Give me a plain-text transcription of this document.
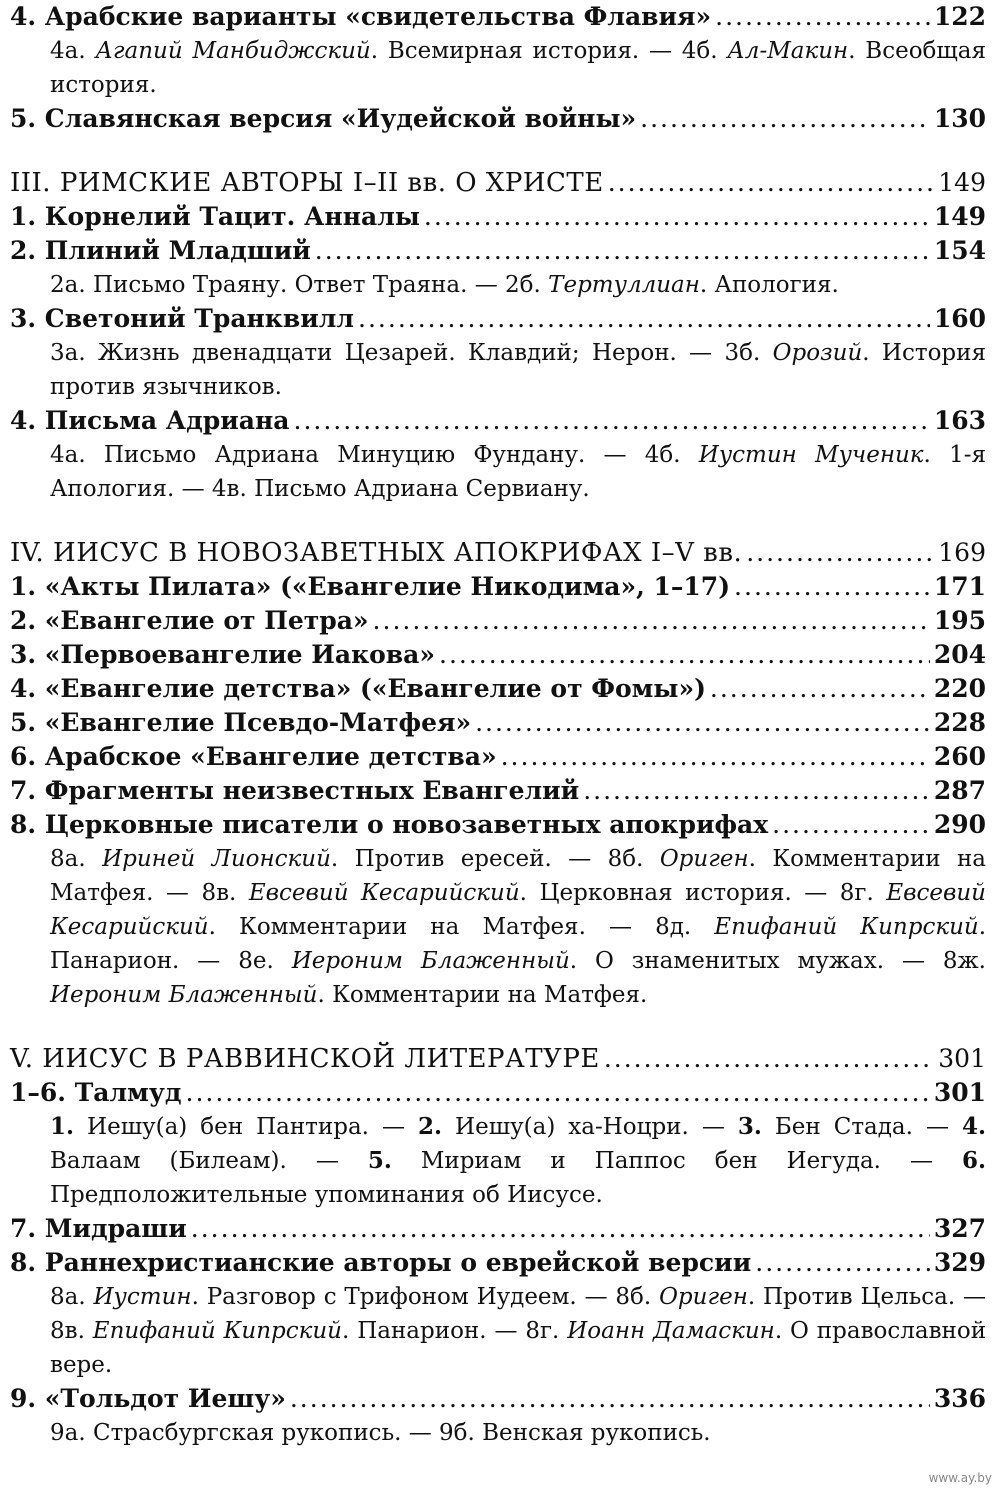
4. Арабские варианты «свидетельства Флавия» .....	122
4а. Агапий Манбиджский. Всемирная история. — 4б. Ал-Макин. Всеобщая история.
5. Славянская версия «Иудейской войны» .....	130
III. РИМСКИЕ АВТОРЫ I–II вв. О ХРИСТЕ .....	149
1. Корнелий Тацит. Анналы .....	149
2. Плиний Младший .....	154
2а. Письмо Траяну. Ответ Траяна. — 2б. Тертуллиан. Апология.
3. Светоний Транквилл .....	160
3а. Жизнь двенадцати Цезарей. Клавдий; Нерон. — 3б. Орозий. История против язычников.
4. Письма Адриана .....	163
4а. Письмо Адриана Минуцию Фундану. — 4б. Иустин Мученик. 1-я Апология. — 4в. Письмо Адриана Сервиану.
IV. ИИСУС В НОВОЗАВЕТНЫХ АПОКРИФАХ I–V вв. .....	169
1. «Акты Пилата» («Евангелие Никодима», 1–17) .....	171
2. «Евангелие от Петра» .....	195
3. «Первоевангелие Иакова» .....	204
4. «Евангелие детства» («Евангелие от Фомы») .....	220
5. «Евангелие Псевдо-Матфея» .....	228
6. Арабское «Евангелие детства» .....	260
7. Фрагменты неизвестных Евангелий .....	287
8. Церковные писатели о новозаветных апокрифах .....	290
8а. Ириней Лионский. Против ересей. — 8б. Ориген. Комментарии на Матфея. — 8в. Евсевий Кесарийский. Церковная история. — 8г. Евсевий Кесарийский. Комментарии на Матфея. — 8д. Епифаний Кипрский. Панарион. — 8е. Иероним Блаженный. О знаменитых мужах. — 8ж. Иероним Блаженный. Комментарии на Матфея.
V. ИИСУС В РАВВИНСКОЙ ЛИТЕРАТУРЕ .....	301
1–6. Талмуд .....	301
1. Иешу(а) бен Пантира. — 2. Иешу(а) ха-Ноцри. — 3. Бен Стада. — 4. Валаам (Билеам). — 5. Мириам и Паппос бен Иегуда. — 6. Предположительные упоминания об Иисусе.
7. Мидраши .....	327
8. Раннехристианские авторы о еврейской версии .....	329
8а. Иустин. Разговор с Трифоном Иудеем. — 8б. Ориген. Против Цельса. — 8в. Епифаний Кипрский. Панарион. — 8г. Иоанн Дамаскин. О православной вере.
9. «Тольдот Иешу» .....	336
9а. Страсбургская рукопись. — 9б. Венская рукопись.
www.ay.by
